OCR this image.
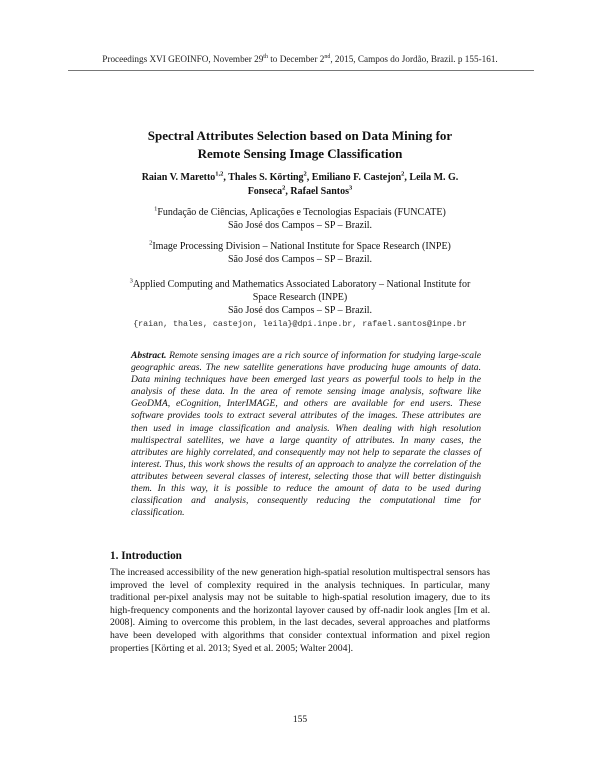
Proceedings XVI GEOINFO, November 29th to December 2nd, 2015, Campos do Jordão, Brazil. p 155-161.
Spectral Attributes Selection based on Data Mining for
Remote Sensing Image Classification
Raian V. Maretto$^{1,2}$, Thales S. Körting$^2$, Emiliano F. Castejon$^2$, Leila M. G.
Fonseca$^2$, Rafael Santos$^3$
$^1$Fundação de Ciências, Aplicações e Tecnologias Espaciais (FUNCATE)
São José dos Campos – SP – Brazil.
$^2$Image Processing Division – National Institute for Space Research (INPE)
São José dos Campos – SP – Brazil.
$^3$Applied Computing and Mathematics Associated Laboratory – National Institute for
Space Research (INPE)
São José dos Campos – SP – Brazil.
{raian, thales, castejon, leila}@dpi.inpe.br, rafael.santos@inpe.br
Abstract. Remote sensing images are a rich source of information for studying large-scale geographic areas. The new satellite generations have producing huge amounts of data. Data mining techniques have been emerged last years as powerful tools to help in the analysis of these data. In the area of remote sensing image analysis, software like GeoDMA, eCognition, InterIMAGE, and others are available for end users. These software provides tools to extract several attributes of the images. These attributes are then used in image classification and analysis. When dealing with high resolution multispectral satellites, we have a large quantity of attributes. In many cases, the attributes are highly correlated, and consequently may not help to separate the classes of interest. Thus, this work shows the results of an approach to analyze the correlation of the attributes between several classes of interest, selecting those that will better distinguish them. In this way, it is possible to reduce the amount of data to be used during classification and analysis, consequently reducing the computational time for classification.
1. Introduction
The increased accessibility of the new generation high-spatial resolution multispectral sensors has improved the level of complexity required in the analysis techniques. In particular, many traditional per-pixel analysis may not be suitable to high-spatial resolution imagery, due to its high-frequency components and the horizontal layover caused by off-nadir look angles [Im et al. 2008]. Aiming to overcome this problem, in the last decades, several approaches and platforms have been developed with algorithms that consider contextual information and pixel region properties [Körting et al. 2013; Syed et al. 2005; Walter 2004].
155
